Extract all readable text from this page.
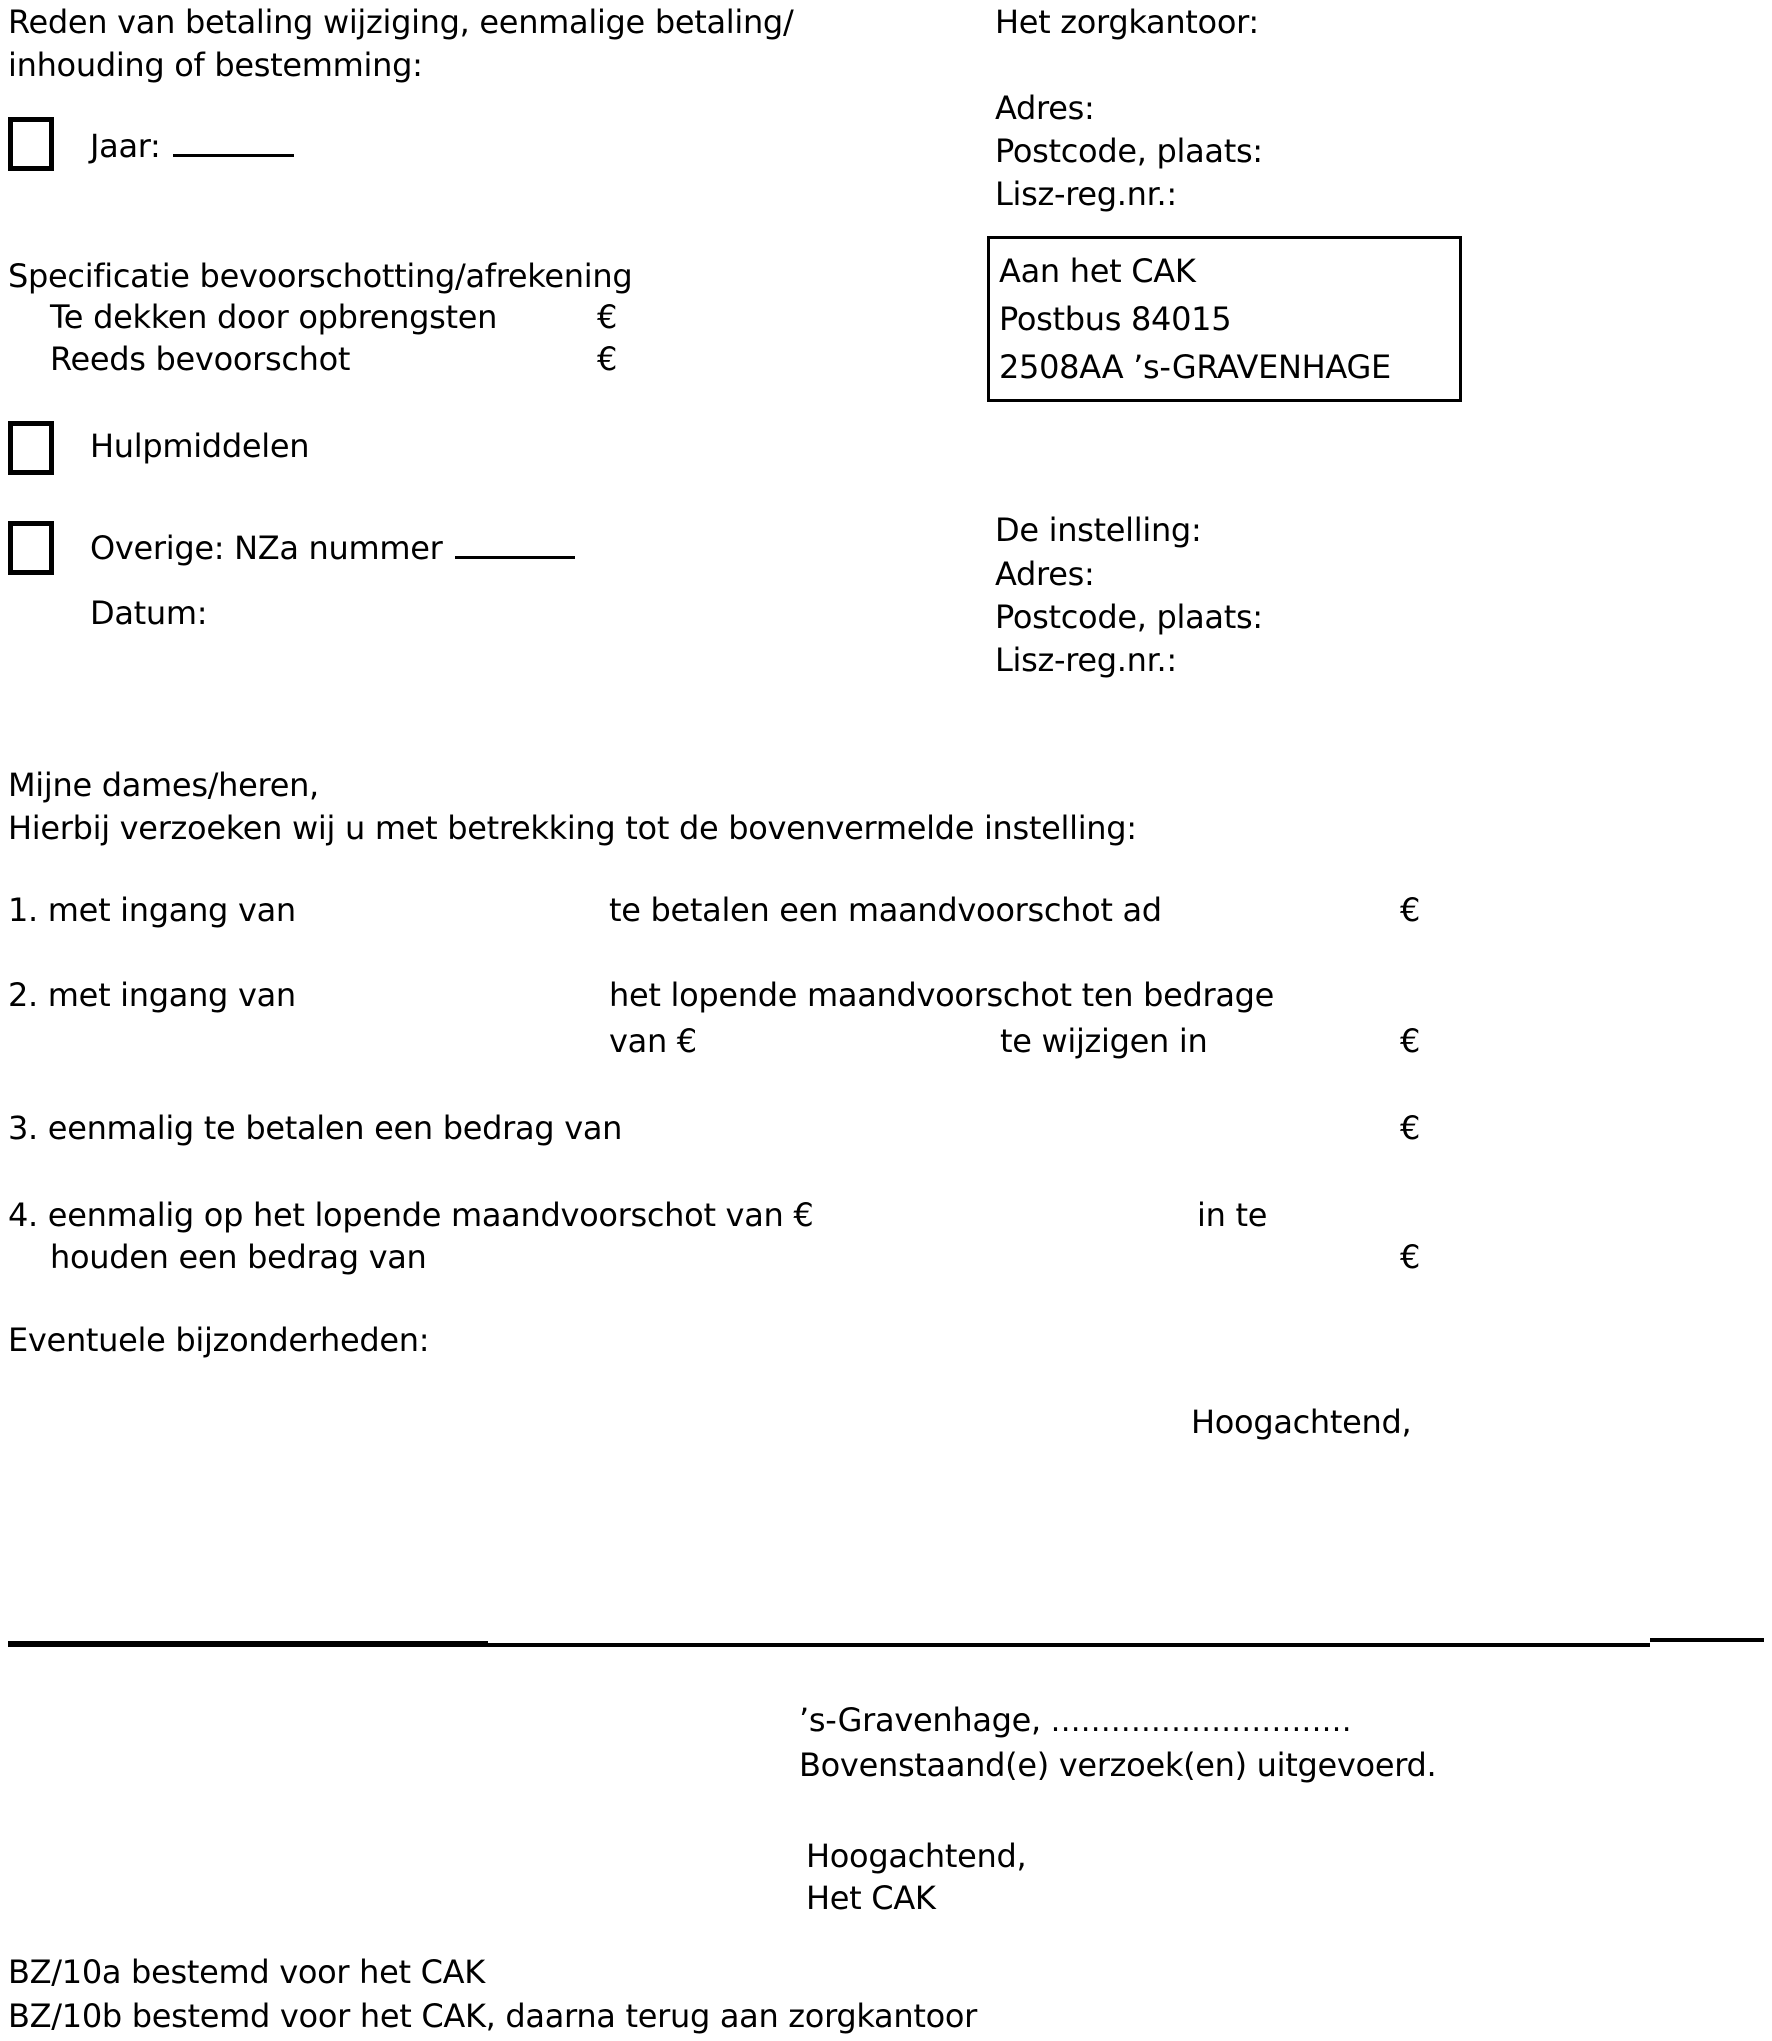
Reden van betaling wijziging, eenmalige betaling/
inhouding of bestemming:
Jaar:
Specificatie bevoorschotting/afrekening
Te dekken door opbrengsten	€
Reeds bevoorschot	€
Hulpmiddelen
Overige: NZa nummer
Datum:
Het zorgkantoor:
Adres:
Postcode, plaats:
Lisz-reg.nr.:
Aan het CAK
Postbus 84015
2508AA ’s-GRAVENHAGE
De instelling:
Adres:
Postcode, plaats:
Lisz-reg.nr.:
Mijne dames/heren,
Hierbij verzoeken wij u met betrekking tot de bovenvermelde instelling:
1. met ingang van	te betalen een maandvoorschot ad	€
2. met ingang van	het lopende maandvoorschot ten bedrage
van €	te wijzigen in	€
3. eenmalig te betalen een bedrag van	€
4. eenmalig op het lopende maandvoorschot van €	in te
houden een bedrag van	€
Eventuele bijzonderheden:
Hoogachtend,
’s-Gravenhage, ..............................
Bovenstaand(e) verzoek(en) uitgevoerd.
Hoogachtend,
Het CAK
BZ/10a bestemd voor het CAK
BZ/10b bestemd voor het CAK, daarna terug aan zorgkantoor
